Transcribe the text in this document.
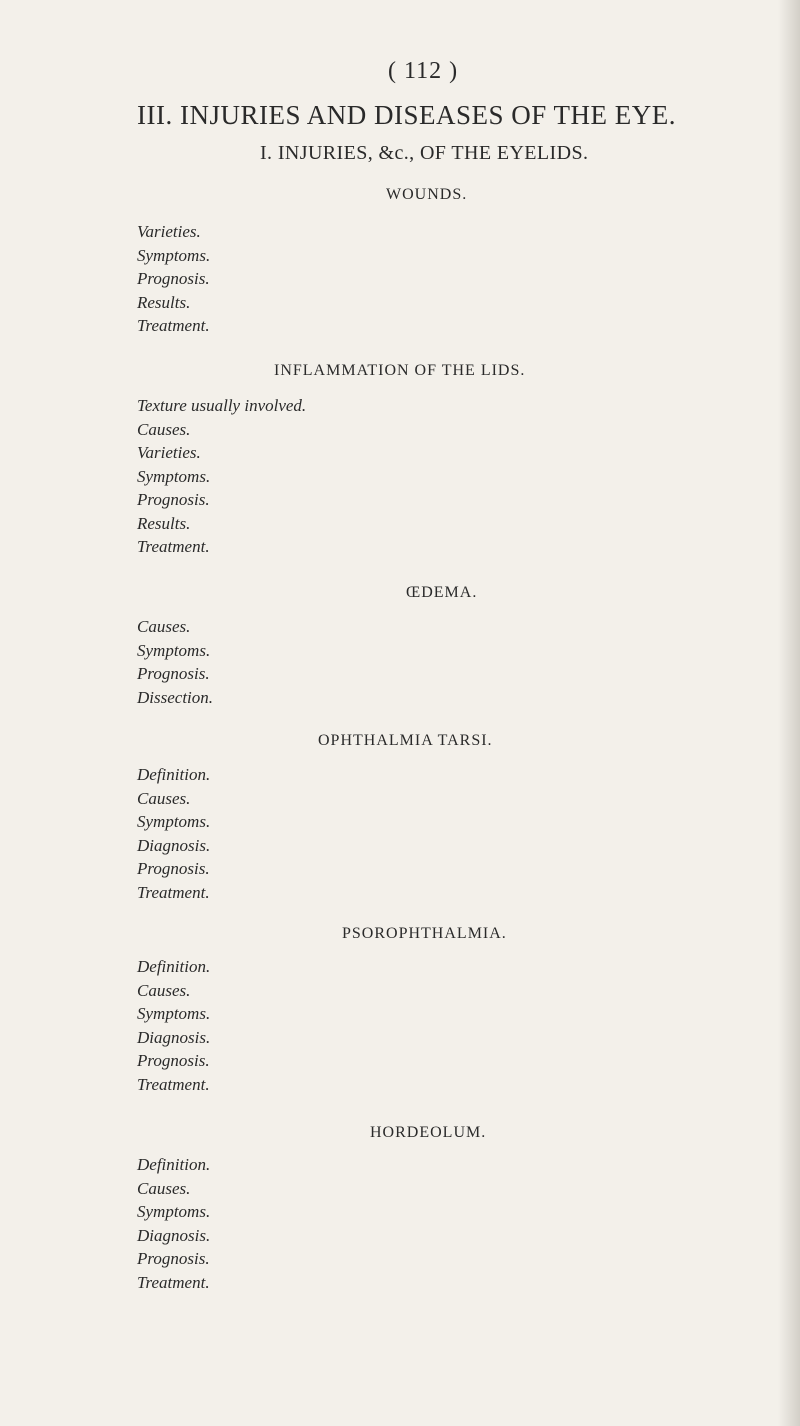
( 112 )
III. INJURIES AND DISEASES OF THE EYE.
I. INJURIES, &c., OF THE EYELIDS.
WOUNDS.
Varieties.
Symptoms.
Prognosis.
Results.
Treatment.
INFLAMMATION OF THE LIDS.
Texture usually involved.
Causes.
Varieties.
Symptoms.
Prognosis.
Results.
Treatment.
ŒDEMA.
Causes.
Symptoms.
Prognosis.
Dissection.
OPHTHALMIA TARSI.
Definition.
Causes.
Symptoms.
Diagnosis.
Prognosis.
Treatment.
PSOROPHTHALMIA.
Definition.
Causes.
Symptoms.
Diagnosis.
Prognosis.
Treatment.
HORDEOLUM.
Definition.
Causes.
Symptoms.
Diagnosis.
Prognosis.
Treatment.
